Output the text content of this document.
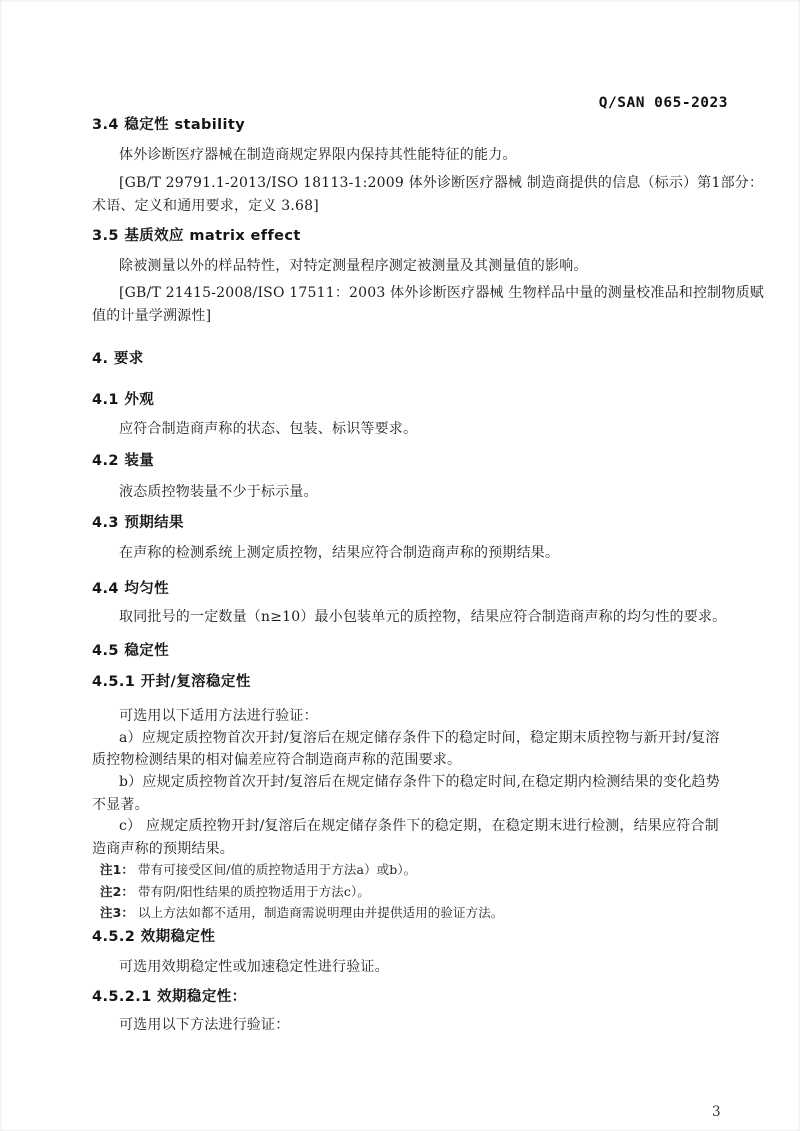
Q/SAN 065-2023
3.4 稳定性 stability
体外诊断医疗器械在制造商规定界限内保持其性能特征的能力。
[GB/T 29791.1-2013/ISO 18113-1:2009 体外诊断医疗器械 制造商提供的信息（标示）第1部分：
术语、定义和通用要求，定义 3.68]
3.5 基质效应 matrix effect
除被测量以外的样品特性，对特定测量程序测定被测量及其测量值的影响。
[GB/T 21415-2008/ISO 17511：2003 体外诊断医疗器械 生物样品中量的测量校准品和控制物质赋
值的计量学溯源性]
4. 要求
4.1 外观
应符合制造商声称的状态、包装、标识等要求。
4.2 装量
液态质控物装量不少于标示量。
4.3 预期结果
在声称的检测系统上测定质控物，结果应符合制造商声称的预期结果。
4.4 均匀性
取同批号的一定数量（n≥10）最小包装单元的质控物，结果应符合制造商声称的均匀性的要求。
4.5 稳定性
4.5.1 开封/复溶稳定性
可选用以下适用方法进行验证：
a）应规定质控物首次开封/复溶后在规定储存条件下的稳定时间，稳定期末质控物与新开封/复溶
质控物检测结果的相对偏差应符合制造商声称的范围要求。
b）应规定质控物首次开封/复溶后在规定储存条件下的稳定时间,在稳定期内检测结果的变化趋势
不显著。
c） 应规定质控物开封/复溶后在规定储存条件下的稳定期，在稳定期末进行检测，结果应符合制
造商声称的预期结果。
注1： 带有可接受区间/值的质控物适用于方法a）或b）。
注2： 带有阴/阳性结果的质控物适用于方法c）。
注3： 以上方法如都不适用，制造商需说明理由并提供适用的验证方法。
4.5.2 效期稳定性
可选用效期稳定性或加速稳定性进行验证。
4.5.2.1 效期稳定性：
可选用以下方法进行验证：
3
